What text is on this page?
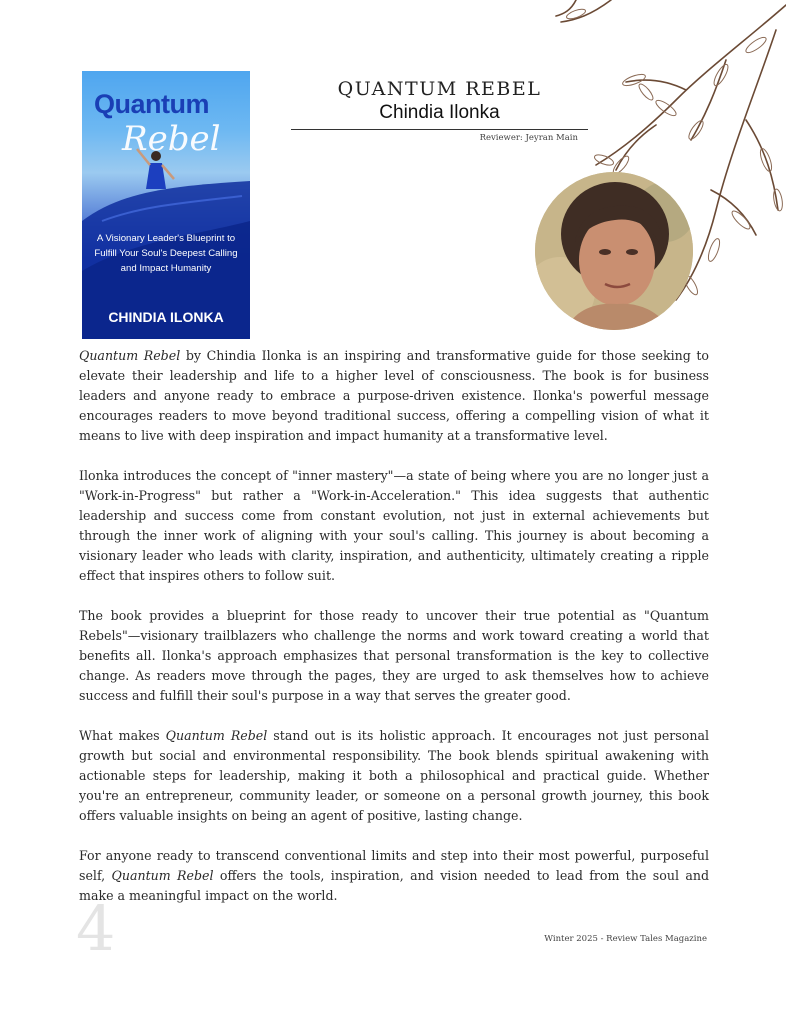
Quantum
Rebel
A Visionary Leader's Blueprint to Fulfill Your Soul's Deepest Calling and Impact Humanity
CHINDIA ILONKA
QUANTUM REBEL
Chindia Ilonka
Reviewer: Jeyran Main

Quantum Rebel by Chindia Ilonka is an inspiring and transformative guide for those seeking to elevate their leadership and life to a higher level of consciousness. The book is for business leaders and anyone ready to embrace a purpose-driven existence. Ilonka's powerful message encourages readers to move beyond traditional success, offering a compelling vision of what it means to live with deep inspiration and impact humanity at a transformative level.

Ilonka introduces the concept of "inner mastery"—a state of being where you are no longer just a "Work-in-Progress" but rather a "Work-in-Acceleration." This idea suggests that authentic leadership and success come from constant evolution, not just in external achievements but through the inner work of aligning with your soul's calling. This journey is about becoming a visionary leader who leads with clarity, inspiration, and authenticity, ultimately creating a ripple effect that inspires others to follow suit.

The book provides a blueprint for those ready to uncover their true potential as "Quantum Rebels"—visionary trailblazers who challenge the norms and work toward creating a world that benefits all. Ilonka's approach emphasizes that personal transformation is the key to collective change. As readers move through the pages, they are urged to ask themselves how to achieve success and fulfill their soul's purpose in a way that serves the greater good.

What makes Quantum Rebel stand out is its holistic approach. It encourages not just personal growth but social and environmental responsibility. The book blends spiritual awakening with actionable steps for leadership, making it both a philosophical and practical guide. Whether you're an entrepreneur, community leader, or someone on a personal growth journey, this book offers valuable insights on being an agent of positive, lasting change.

For anyone ready to transcend conventional limits and step into their most powerful, purposeful self, Quantum Rebel offers the tools, inspiration, and vision needed to lead from the soul and make a meaningful impact on the world.

4	Winter 2025 - Review Tales Magazine
